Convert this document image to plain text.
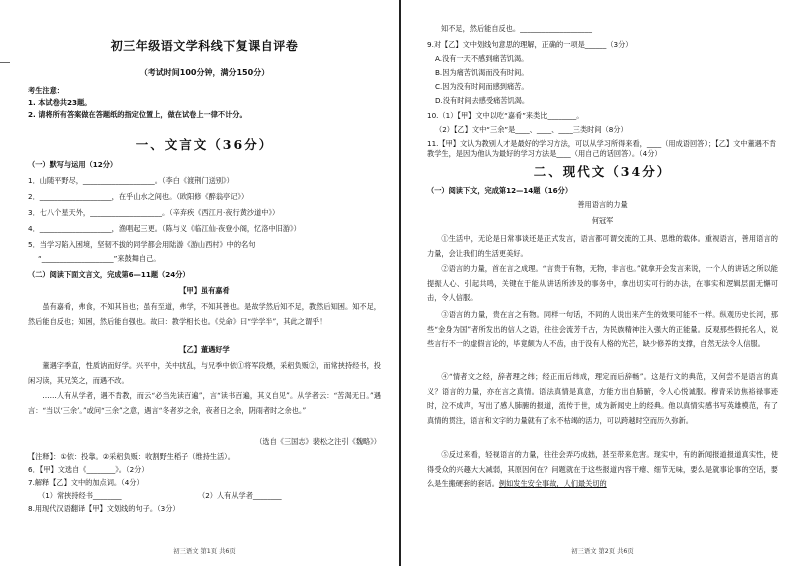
初三年级语文学科线下复课自评卷
（考试时间100分钟，满分150分）
考生注意：
1. 本试卷共23题。
2. 请将所有答案做在答题纸的指定位置上，做在试卷上一律不计分。
一、文言文（36分）
（一）默写与运用（12分）
1．山随平野尽，____________________。（李白《渡荆门送别》）
2．____________________，在乎山水之间也。（欧阳修《醉翁亭记》）
3．七八个星天外，____________________。（辛弃疾《西江月·夜行黄沙道中》）
4．____________________，渔唱起三更。（陈与义《临江仙·夜登小阁，忆洛中旧游》）
5．当学习陷入困境，坚韧不拔的同学都会用陆游《游山西村》中的名句
“____________________”来鼓舞自己。
（二）阅读下面文言文，完成第6—11题（24分）
【甲】虽有嘉肴
虽有嘉肴，弗食，不知其旨也；虽有至道，弗学，不知其善也。是故学然后知不足，教然后知困。知不足，然后能自反也；知困，然后能自强也。故曰：教学相长也。《兑命》曰“学学半”，其此之谓乎！
【乙】董遇好学
董遇字季直，性质讷而好学。兴平中，关中扰乱，与兄季中依①将军段煨，采稆负贩②，而常挟持经书，投闲习读，其兄笑之，而遇不改。
……人有从学者，遇不肯教，而云“必当先读百遍”，言“读书百遍，其义自见”。从学者云：“苦渴无日。”遇言：“当以‘三余’。”或问“三余”之意，遇言“冬者岁之余，夜者日之余，阴雨者时之余也。”
（选自《三国志》裴松之注引《魏略》）
【注释】：①依：投靠。②采稆负贩：收割野生稻子（维持生活）。
6．【甲】文选自《________》。（2分）
7.解释【乙】文中的加点词。（4分）
（1）常挟持经书________	（2）人有从学者________
8.用现代汉语翻译【甲】文划线的句子。（3分）
初三语文 第1页 共6页
知不足，然后能自反也。____________________
9.对【乙】文中划线句意思的理解，正确的一项是______（3分）
A.没有一天不感到痛苦饥渴。
B.因为痛苦饥渴而没有时间。
C.因为没有时间而感到痛苦。
D.没有时间去感受痛苦饥渴。
10.（1）【甲】文中以吃“嘉肴”来类比________。
（2）【乙】文中“三余”是____、____、____三类时间（8分）
11.【甲】文认为教别人才是最好的学习方法，可以从学习所得来看，____（用成语回答）；【乙】文中董遇不肯教学生，是因为他认为最好的学习方法是____（用自己的话回答）。（4分）
二、现代文（34分）
（一）阅读下文，完成第12—14题（16分）
善用语言的力量
何冠军
①生活中，无论是日常事谈还是正式发言，语言都可谓交流的工具、思维的载体。重视语言，善用语言的力量，会让我们的生活更美好。
②语言的力量，首在言之成理。“言贵于有物，无物，非言也。”就拿开会发言来说，一个人的讲话之所以能提振人心、引起共鸣，关键在于能从讲话所涉及的事务中，拿出切实可行的办法，在事实和逻辑层面无懈可击，令人信服。
③语言的力量，贵在言之有物。同样一句话，不同的人说出来产生的效果可能不一样。纵观历史长河，那些“金身为国”者所发出的信人之语，往往会流芳千古，为民族精神注入强大的正能量。反观那些假托名人，说些言行不一的虚假言论的，毕竟颇为人不齿，由于没有人格的光芒，缺少修养的支撑，自然无法令人信服。
④“情者文之经，辞者理之纬；经正而后纬成，理定而后辞畅”。这是行文的典范，又何尝不是语言的真义？语言的力量，亦在言之真情。语法真情是真意，方能方出自肺腑，令人心悦诚服。穆青采访焦裕禄事迹时，泣不成声，写出了感人肺腑的报道，流传于世，成为新闻史上的经典。他以真情实感书写英雄模范，有了真情的贯注，语言和文字的力量就有了永不枯竭的活力，可以跨越时空而历久弥新。
⑤反过来看，轻视语言的力量，往往会弄巧成拙，甚至带来危害。现实中，有的新闻报道报道真实性，使得受众的兴趣大大减弱，其原因何在？问题就在于这些报道内容干瘪、细节无味，要么是就事论事的空话，要么是生搬硬套的套话。例如发生安全事故，人们最关切的
初三语文 第2页 共6页
